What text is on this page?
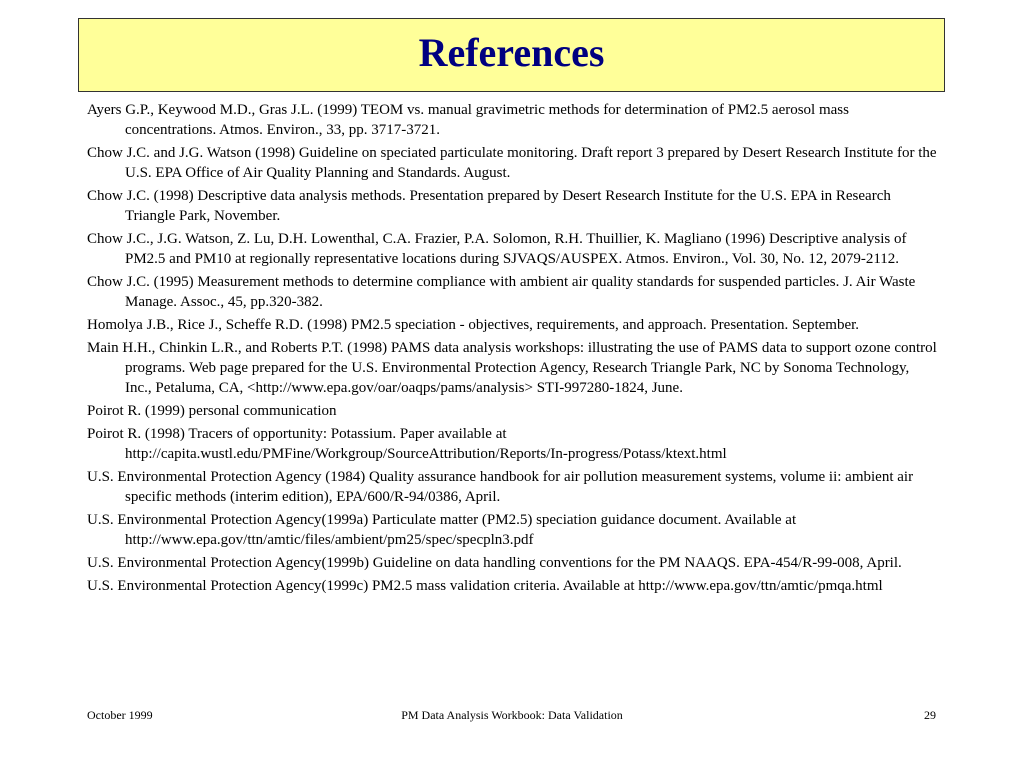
References

Ayers G.P., Keywood M.D., Gras J.L. (1999) TEOM vs. manual gravimetric methods for determination of PM2.5 aerosol mass concentrations. Atmos. Environ., 33, pp. 3717-3721.

Chow J.C. and J.G. Watson (1998) Guideline on speciated particulate monitoring. Draft report 3 prepared by Desert Research Institute for the U.S. EPA Office of Air Quality Planning and Standards. August.

Chow J.C. (1998) Descriptive data analysis methods. Presentation prepared by Desert Research Institute for the U.S. EPA in Research Triangle Park, November.

Chow J.C., J.G. Watson, Z. Lu, D.H. Lowenthal, C.A. Frazier, P.A. Solomon, R.H. Thuillier, K. Magliano (1996) Descriptive analysis of PM2.5 and PM10 at regionally representative locations during SJVAQS/AUSPEX. Atmos. Environ., Vol. 30, No. 12, 2079-2112.

Chow J.C. (1995) Measurement methods to determine compliance with ambient air quality standards for suspended particles. J. Air Waste Manage. Assoc., 45, pp.320-382.

Homolya J.B., Rice J., Scheffe R.D. (1998) PM2.5 speciation - objectives, requirements, and approach. Presentation. September.

Main H.H., Chinkin L.R., and Roberts P.T. (1998) PAMS data analysis workshops: illustrating the use of PAMS data to support ozone control programs. Web page prepared for the U.S. Environmental Protection Agency, Research Triangle Park, NC by Sonoma Technology, Inc., Petaluma, CA, <http://www.epa.gov/oar/oaqps/pams/analysis> STI-997280-1824, June.

Poirot R. (1999) personal communication

Poirot R. (1998) Tracers of opportunity: Potassium. Paper available at http://capita.wustl.edu/PMFine/Workgroup/SourceAttribution/Reports/In-progress/Potass/ktext.html

U.S. Environmental Protection Agency (1984) Quality assurance handbook for air pollution measurement systems, volume ii: ambient air specific methods (interim edition), EPA/600/R-94/0386, April.

U.S. Environmental Protection Agency(1999a) Particulate matter (PM2.5) speciation guidance document. Available at http://www.epa.gov/ttn/amtic/files/ambient/pm25/spec/specpln3.pdf

U.S. Environmental Protection Agency(1999b) Guideline on data handling conventions for the PM NAAQS. EPA-454/R-99-008, April.

U.S. Environmental Protection Agency(1999c) PM2.5 mass validation criteria. Available at http://www.epa.gov/ttn/amtic/pmqa.html

October 1999	PM Data Analysis Workbook: Data Validation	29
